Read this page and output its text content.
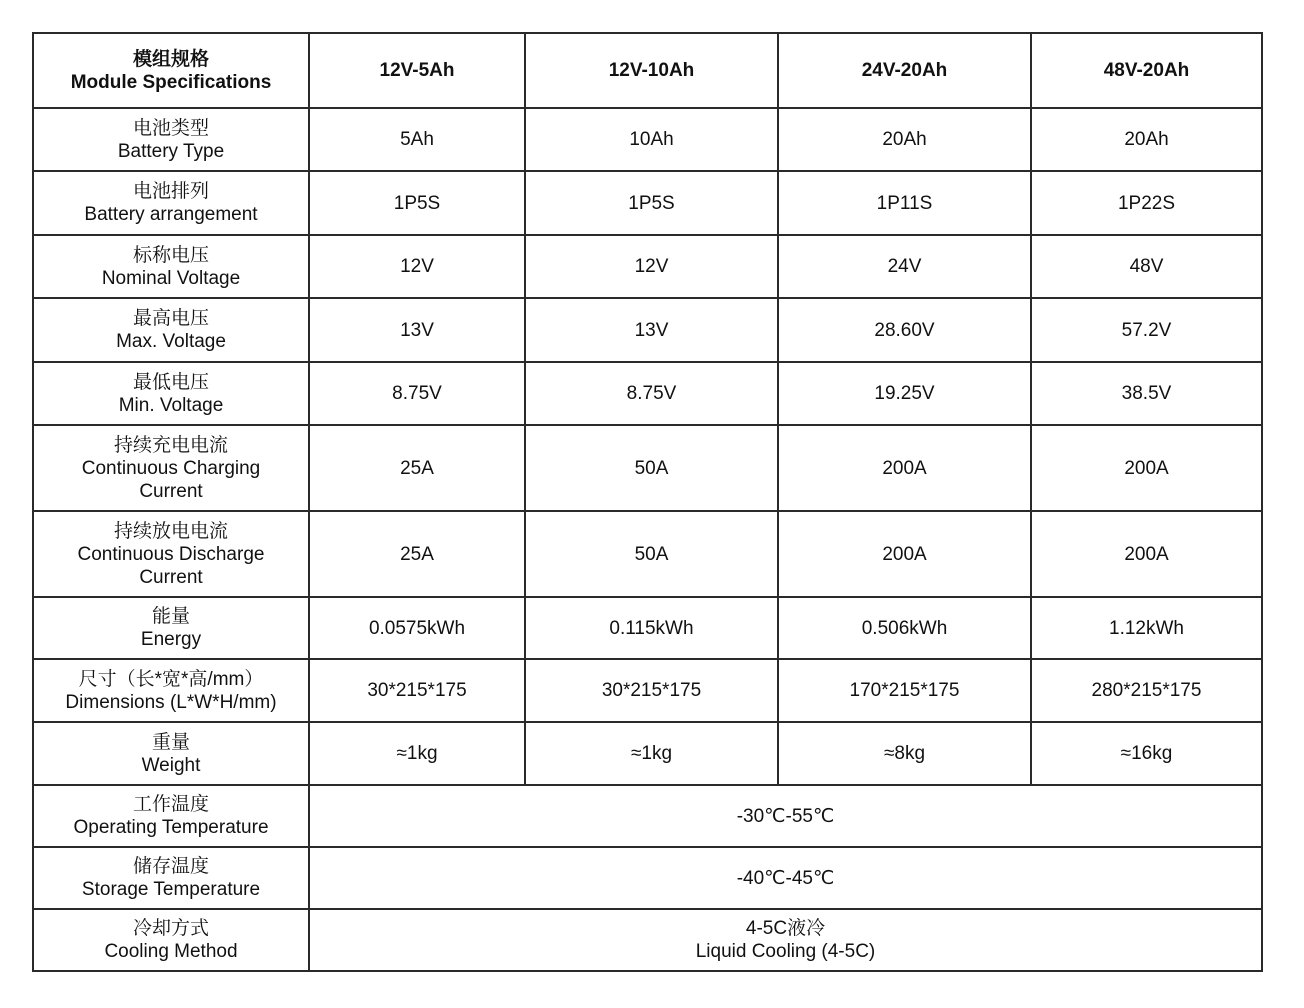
模组规格
Module Specifications	12V-5Ah	12V-10Ah	24V-20Ah	48V-20Ah

电池类型
Battery Type	5Ah	10Ah	20Ah	20Ah

电池排列
Battery arrangement	1P5S	1P5S	1P11S	1P22S

标称电压
Nominal Voltage	12V	12V	24V	48V

最高电压
Max. Voltage	13V	13V	28.60V	57.2V

最低电压
Min. Voltage	8.75V	8.75V	19.25V	38.5V

持续充电电流
Continuous Charging
Current	25A	50A	200A	200A

持续放电电流
Continuous Discharge
Current	25A	50A	200A	200A

能量
Energy	0.0575kWh	0.115kWh	0.506kWh	1.12kWh

尺寸（长*宽*高/mm）
Dimensions (L*W*H/mm)	30*215*175	30*215*175	170*215*175	280*215*175

重量
Weight	≈1kg	≈1kg	≈8kg	≈16kg

工作温度
Operating Temperature	-30℃-55℃			

储存温度
Storage Temperature	-40℃-45℃			

冷却方式
Cooling Method	4-5C液冷
Liquid Cooling (4-5C)			
